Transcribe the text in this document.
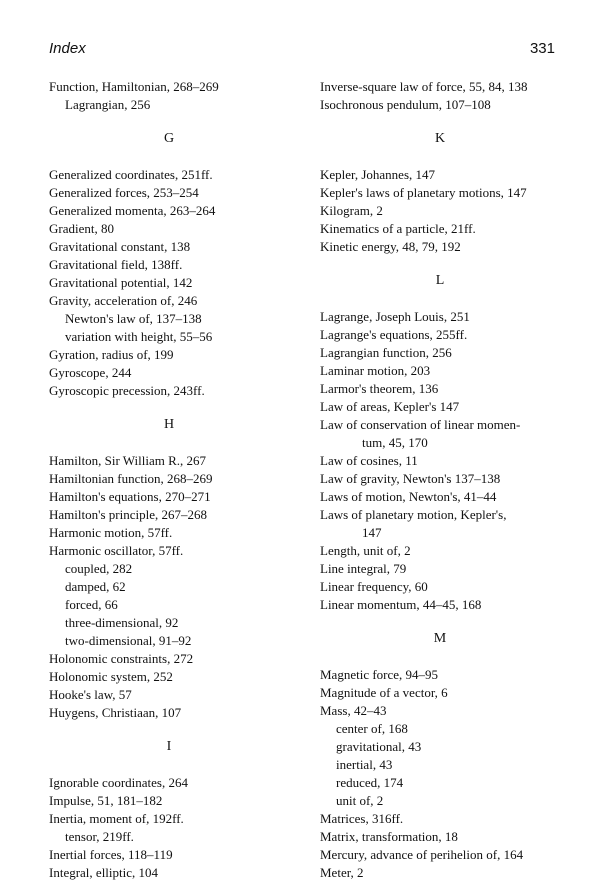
Index	331
Function, Hamiltonian, 268–269
Lagrangian, 256
G
Generalized coordinates, 251ff.
Generalized forces, 253–254
Generalized momenta, 263–264
Gradient, 80
Gravitational constant, 138
Gravitational field, 138ff.
Gravitational potential, 142
Gravity, acceleration of, 246
Newton's law of, 137–138
variation with height, 55–56
Gyration, radius of, 199
Gyroscope, 244
Gyroscopic precession, 243ff.
H
Hamilton, Sir William R., 267
Hamiltonian function, 268–269
Hamilton's equations, 270–271
Hamilton's principle, 267–268
Harmonic motion, 57ff.
Harmonic oscillator, 57ff.
coupled, 282
damped, 62
forced, 66
three-dimensional, 92
two-dimensional, 91–92
Holonomic constraints, 272
Holonomic system, 252
Hooke's law, 57
Huygens, Christiaan, 107
I
Ignorable coordinates, 264
Impulse, 51, 181–182
Inertia, moment of, 192ff.
tensor, 219ff.
Inertial forces, 118–119
Integral, elliptic, 104
Inverse-square law of force, 55, 84, 138
Isochronous pendulum, 107–108
K
Kepler, Johannes, 147
Kepler's laws of planetary motions, 147
Kilogram, 2
Kinematics of a particle, 21ff.
Kinetic energy, 48, 79, 192
L
Lagrange, Joseph Louis, 251
Lagrange's equations, 255ff.
Lagrangian function, 256
Laminar motion, 203
Larmor's theorem, 136
Law of areas, Kepler's 147
Law of conservation of linear momen-
tum, 45, 170
Law of cosines, 11
Law of gravity, Newton's 137–138
Laws of motion, Newton's, 41–44
Laws of planetary motion, Kepler's,
147
Length, unit of, 2
Line integral, 79
Linear frequency, 60
Linear momentum, 44–45, 168
M
Magnetic force, 94–95
Magnitude of a vector, 6
Mass, 42–43
center of, 168
gravitational, 43
inertial, 43
reduced, 174
unit of, 2
Matrices, 316ff.
Matrix, transformation, 18
Mercury, advance of perihelion of, 164
Meter, 2
